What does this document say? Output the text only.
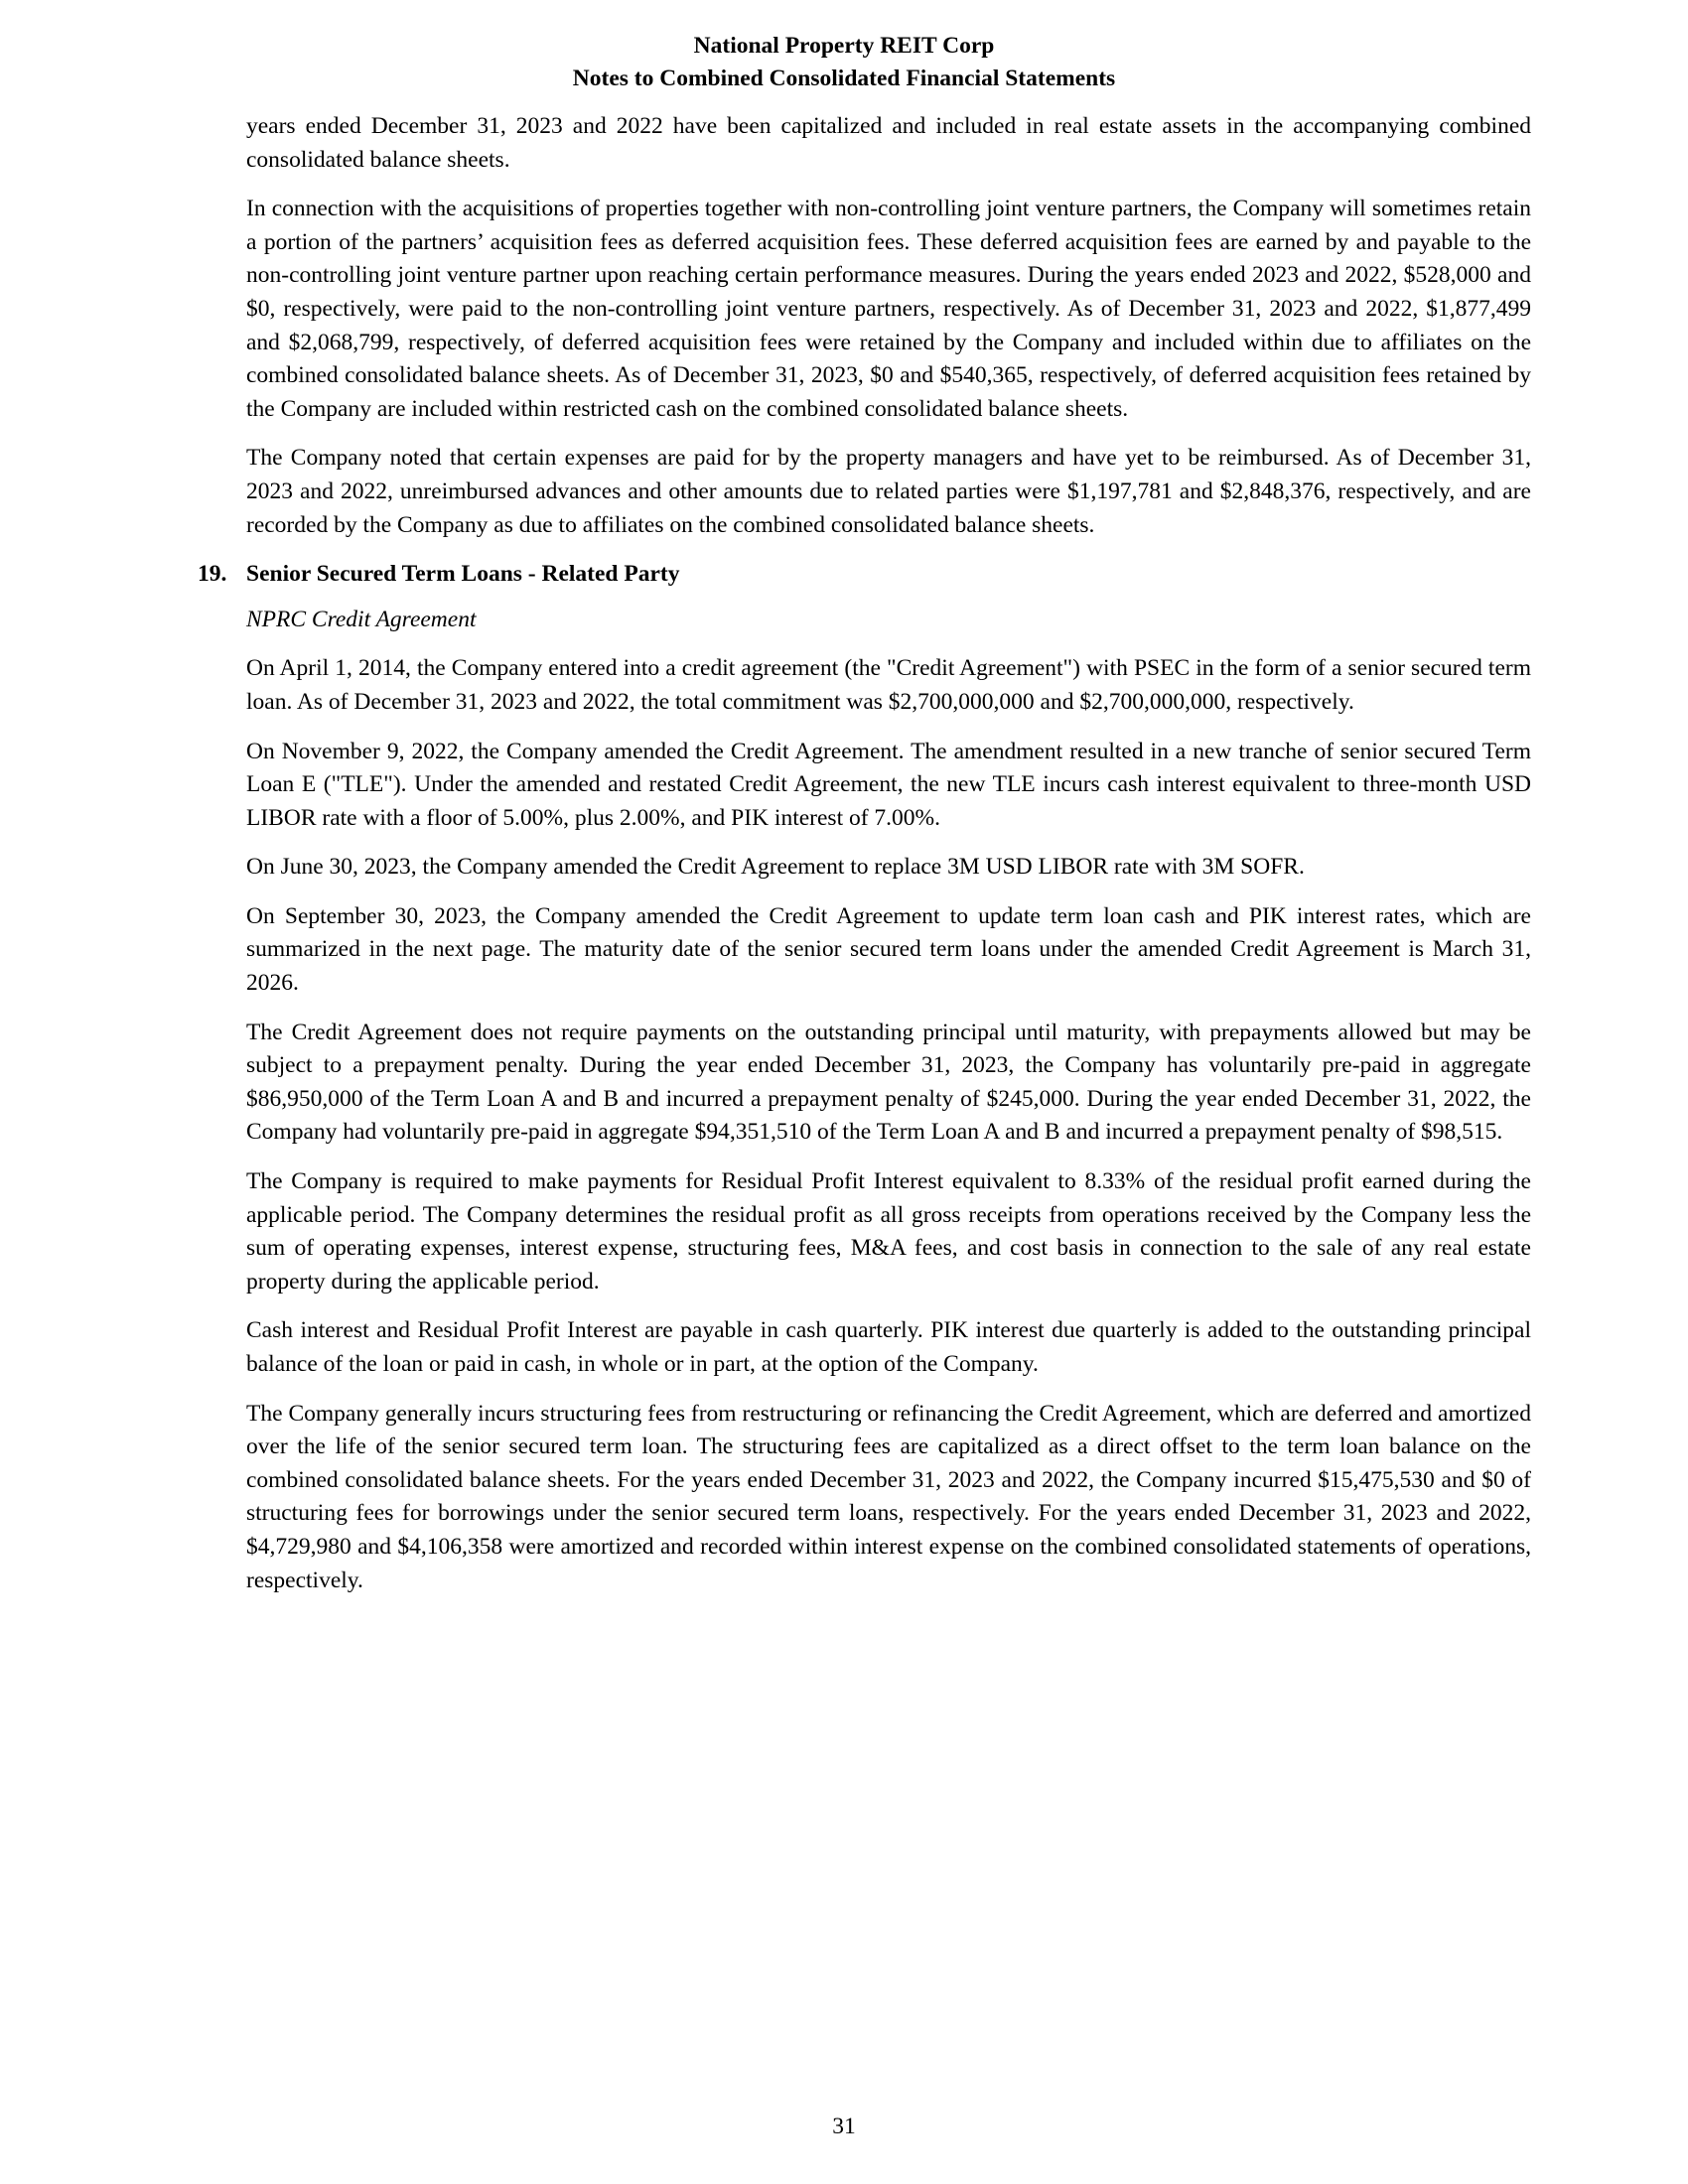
National Property REIT Corp
Notes to Combined Consolidated Financial Statements

years ended December 31, 2023 and 2022 have been capitalized and included in real estate assets in the accompanying combined consolidated balance sheets.

In connection with the acquisitions of properties together with non-controlling joint venture partners, the Company will sometimes retain a portion of the partners’ acquisition fees as deferred acquisition fees. These deferred acquisition fees are earned by and payable to the non-controlling joint venture partner upon reaching certain performance measures. During the years ended 2023 and 2022, $528,000 and $0, respectively, were paid to the non-controlling joint venture partners, respectively. As of December 31, 2023 and 2022, $1,877,499 and $2,068,799, respectively, of deferred acquisition fees were retained by the Company and included within due to affiliates on the combined consolidated balance sheets. As of December 31, 2023, $0 and $540,365, respectively, of deferred acquisition fees retained by the Company are included within restricted cash on the combined consolidated balance sheets.

The Company noted that certain expenses are paid for by the property managers and have yet to be reimbursed. As of December 31, 2023 and 2022, unreimbursed advances and other amounts due to related parties were $1,197,781 and $2,848,376, respectively, and are recorded by the Company as due to affiliates on the combined consolidated balance sheets.

19. Senior Secured Term Loans - Related Party
NPRC Credit Agreement

On April 1, 2014, the Company entered into a credit agreement (the "Credit Agreement") with PSEC in the form of a senior secured term loan. As of December 31, 2023 and 2022, the total commitment was $2,700,000,000 and $2,700,000,000, respectively.

On November 9, 2022, the Company amended the Credit Agreement. The amendment resulted in a new tranche of senior secured Term Loan E ("TLE"). Under the amended and restated Credit Agreement, the new TLE incurs cash interest equivalent to three-month USD LIBOR rate with a floor of 5.00%, plus 2.00%, and PIK interest of 7.00%.

On June 30, 2023, the Company amended the Credit Agreement to replace 3M USD LIBOR rate with 3M SOFR.

On September 30, 2023, the Company amended the Credit Agreement to update term loan cash and PIK interest rates, which are summarized in the next page. The maturity date of the senior secured term loans under the amended Credit Agreement is March 31, 2026.

The Credit Agreement does not require payments on the outstanding principal until maturity, with prepayments allowed but may be subject to a prepayment penalty. During the year ended December 31, 2023, the Company has voluntarily pre-paid in aggregate $86,950,000 of the Term Loan A and B and incurred a prepayment penalty of $245,000. During the year ended December 31, 2022, the Company had voluntarily pre-paid in aggregate $94,351,510 of the Term Loan A and B and incurred a prepayment penalty of $98,515.

The Company is required to make payments for Residual Profit Interest equivalent to 8.33% of the residual profit earned during the applicable period. The Company determines the residual profit as all gross receipts from operations received by the Company less the sum of operating expenses, interest expense, structuring fees, M&A fees, and cost basis in connection to the sale of any real estate property during the applicable period.

Cash interest and Residual Profit Interest are payable in cash quarterly. PIK interest due quarterly is added to the outstanding principal balance of the loan or paid in cash, in whole or in part, at the option of the Company.

The Company generally incurs structuring fees from restructuring or refinancing the Credit Agreement, which are deferred and amortized over the life of the senior secured term loan. The structuring fees are capitalized as a direct offset to the term loan balance on the combined consolidated balance sheets. For the years ended December 31, 2023 and 2022, the Company incurred $15,475,530 and $0 of structuring fees for borrowings under the senior secured term loans, respectively. For the years ended December 31, 2023 and 2022, $4,729,980 and $4,106,358 were amortized and recorded within interest expense on the combined consolidated statements of operations, respectively.

31
